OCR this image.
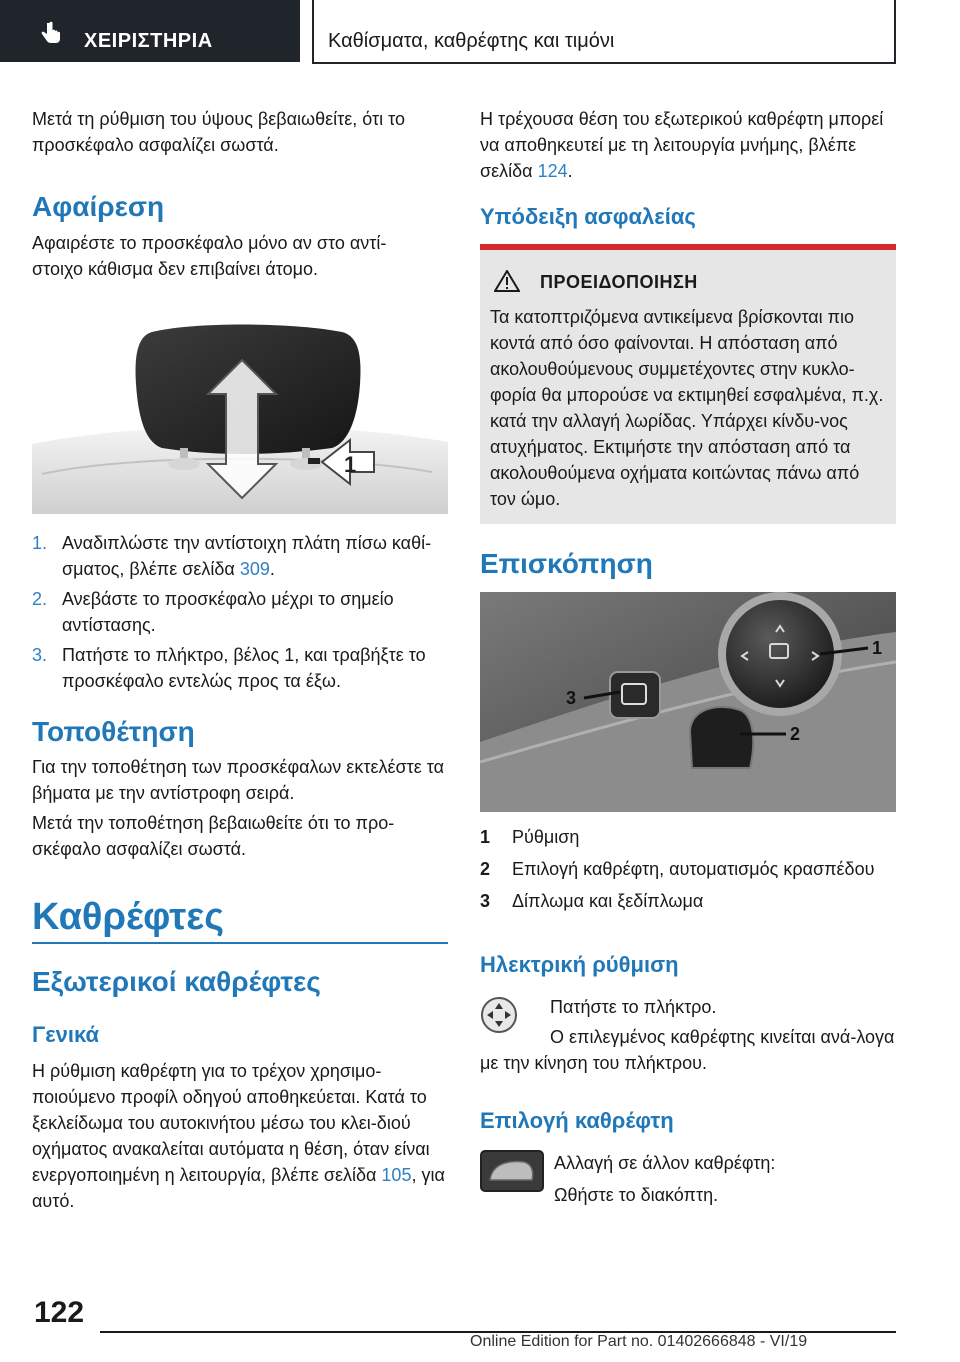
ΧΕΙΡΙΣΤΗΡΙΑ	Καθίσματα, καθρέφτης και τιμόνι

Μετά τη ρύθμιση του ύψους βεβαιωθείτε, ότι το προσκέφαλο ασφαλίζει σωστά.

Αφαίρεση

Αφαιρέστε το προσκέφαλο μόνο αν στο αντί-στοιχο κάθισμα δεν επιβαίνει άτομο.

1
1. Αναδιπλώστε την αντίστοιχη πλάτη πίσω καθί-σματος, βλέπε σελίδα 309.
2. Ανεβάστε το προσκέφαλο μέχρι το σημείο αντίστασης.
3. Πατήστε το πλήκτρο, βέλος 1, και τραβήξτε το προσκέφαλο εντελώς προς τα έξω.
Τοποθέτηση

Για την τοποθέτηση των προσκέφαλων εκτελέστε τα βήματα με την αντίστροφη σειρά.

Μετά την τοποθέτηση βεβαιωθείτε ότι το προ-σκέφαλο ασφαλίζει σωστά.

Καθρέφτες
Εξωτερικοί καθρέφτες
Γενικά

Η ρύθμιση καθρέφτη για το τρέχον χρησιμο-ποιούμενο προφίλ οδηγού αποθηκεύεται. Κατά το ξεκλείδωμα του αυτοκινήτου μέσω του κλει-διού οχήματος ανακαλείται αυτόματα η θέση, όταν είναι ενεργοποιημένη η λειτουργία, βλέπε σελίδα 105, για αυτό.

Η τρέχουσα θέση του εξωτερικού καθρέφτη μπορεί να αποθηκευτεί με τη λειτουργία μνήμης, βλέπε σελίδα 124.

Υπόδειξη ασφαλείας
ΠΡΟΕΙΔΟΠΟΙΗΣΗ

Τα κατοπτριζόμενα αντικείμενα βρίσκονται πιο κοντά από όσο φαίνονται. Η απόσταση από ακολουθούμενους συμμετέχοντες στην κυκλο-φορία θα μπορούσε να εκτιμηθεί εσφαλμένα, π.χ. κατά την αλλαγή λωρίδας. Υπάρχει κίνδυ-νος ατυχήματος. Εκτιμήστε την απόσταση από τα ακολουθούμενα οχήματα κοιτώντας πάνω από τον ώμο.

Επισκόπηση
1
2
3
1 Ρύθμιση
2 Επιλογή καθρέφτη, αυτοματισμός κρασπέδου
3 Δίπλωμα και ξεδίπλωμα
Ηλεκτρική ρύθμιση

Πατήστε το πλήκτρο.

Ο επιλεγμένος καθρέφτης κινείται ανά-λογα με την κίνηση του πλήκτρου.

Επιλογή καθρέφτη

Αλλαγή σε άλλον καθρέφτη:

Ωθήστε το διακόπτη.

122
Online Edition for Part no. 01402666848 - VI/19
